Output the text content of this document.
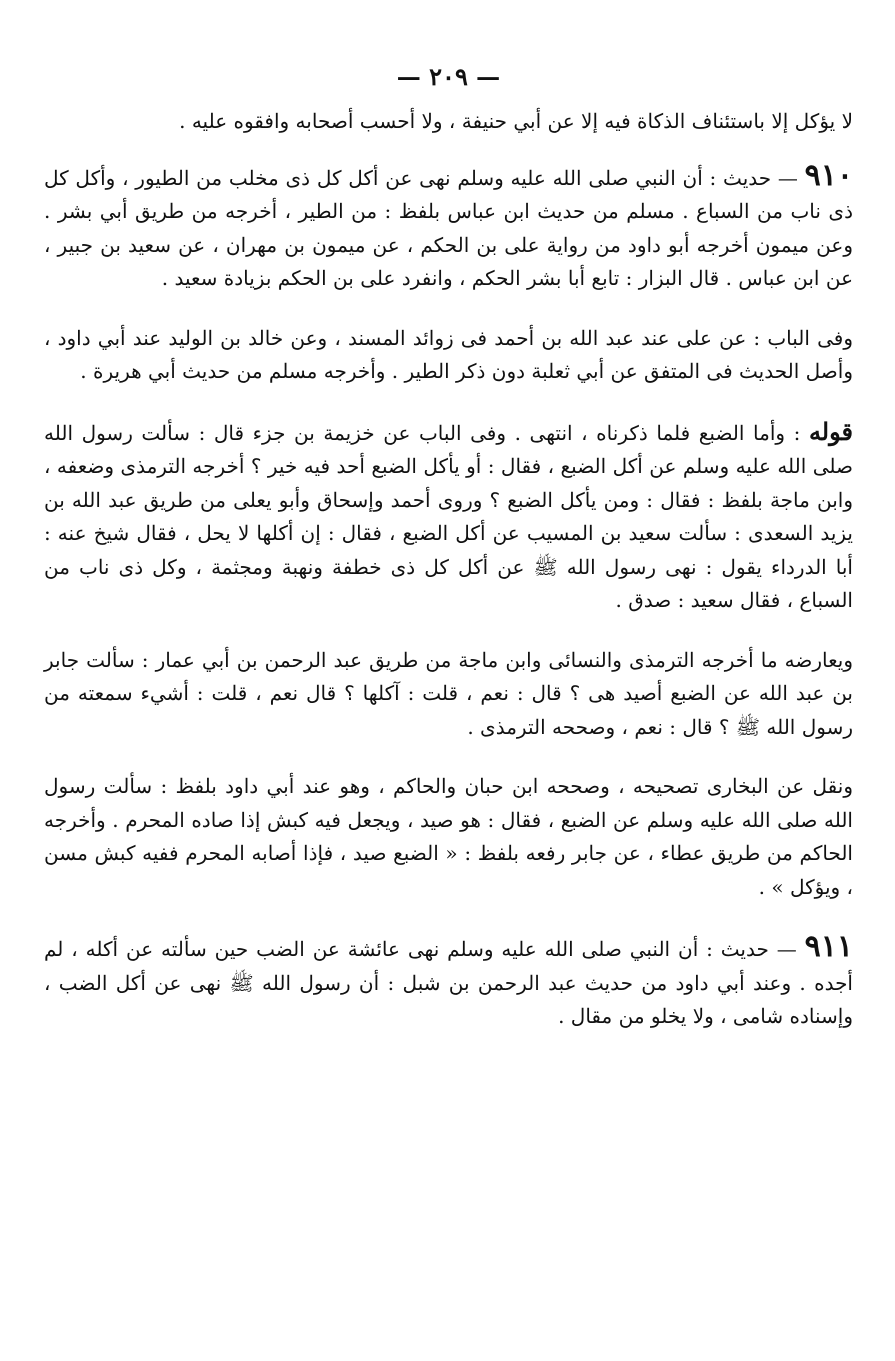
— ٢٠٩ —

لا يؤكل إلا باستئناف الذكاة فيه إلا عن أبي حنيفة ، ولا أحسب أصحابه وافقوه عليه .

٩١٠ — حديث : أن النبي صلى الله عليه وسلم نهى عن أكل كل ذى مخلب من الطيور ، وأكل كل ذى ناب من السباع . مسلم من حديث ابن عباس بلفظ : من الطير ، أخرجه من طريق أبي بشر . وعن ميمون أخرجه أبو داود من رواية على بن الحكم ، عن ميمون بن مهران ، عن سعيد بن جبير ، عن ابن عباس . قال البزار : تابع أبا بشر الحكم ، وانفرد على بن الحكم بزيادة سعيد .

وفى الباب : عن على عند عبد الله بن أحمد فى زوائد المسند ، وعن خالد بن الوليد عند أبي داود ، وأصل الحديث فى المتفق عن أبي ثعلبة دون ذكر الطير . وأخرجه مسلم من حديث أبي هريرة .

قوله : وأما الضبع فلما ذكرناه ، انتهى . وفى الباب عن خزيمة بن جزء قال : سألت رسول الله صلى الله عليه وسلم عن أكل الضبع ، فقال : أو يأكل الضبع أحد فيه خير ؟ أخرجه الترمذى وضعفه ، وابن ماجة بلفظ : فقال : ومن يأكل الضبع ؟ وروى أحمد وإسحاق وأبو يعلى من طريق عبد الله بن يزيد السعدى : سألت سعيد بن المسيب عن أكل الضبع ، فقال : إن أكلها لا يحل ، فقال شيخ عنه : أبا الدرداء يقول : نهى رسول الله ﷺ عن أكل كل ذى خطفة ونهبة ومجثمة ، وكل ذى ناب من السباع ، فقال سعيد : صدق .

ويعارضه ما أخرجه الترمذى والنسائى وابن ماجة من طريق عبد الرحمن بن أبي عمار : سألت جابر بن عبد الله عن الضبع أصيد هى ؟ قال : نعم ، قلت : آكلها ؟ قال نعم ، قلت : أشيء سمعته من رسول الله ﷺ ؟ قال : نعم ، وصححه الترمذى .

ونقل عن البخارى تصحيحه ، وصححه ابن حبان والحاكم ، وهو عند أبي داود بلفظ : سألت رسول الله صلى الله عليه وسلم عن الضبع ، فقال : هو صيد ، ويجعل فيه كبش إذا صاده المحرم . وأخرجه الحاكم من طريق عطاء ، عن جابر رفعه بلفظ : « الضبع صيد ، فإذا أصابه المحرم ففيه كبش مسن ، ويؤكل » .

٩١١ — حديث : أن النبي صلى الله عليه وسلم نهى عائشة عن الضب حين سألته عن أكله ، لم أجده . وعند أبي داود من حديث عبد الرحمن بن شبل : أن رسول الله ﷺ نهى عن أكل الضب ، وإسناده شامى ، ولا يخلو من مقال .
